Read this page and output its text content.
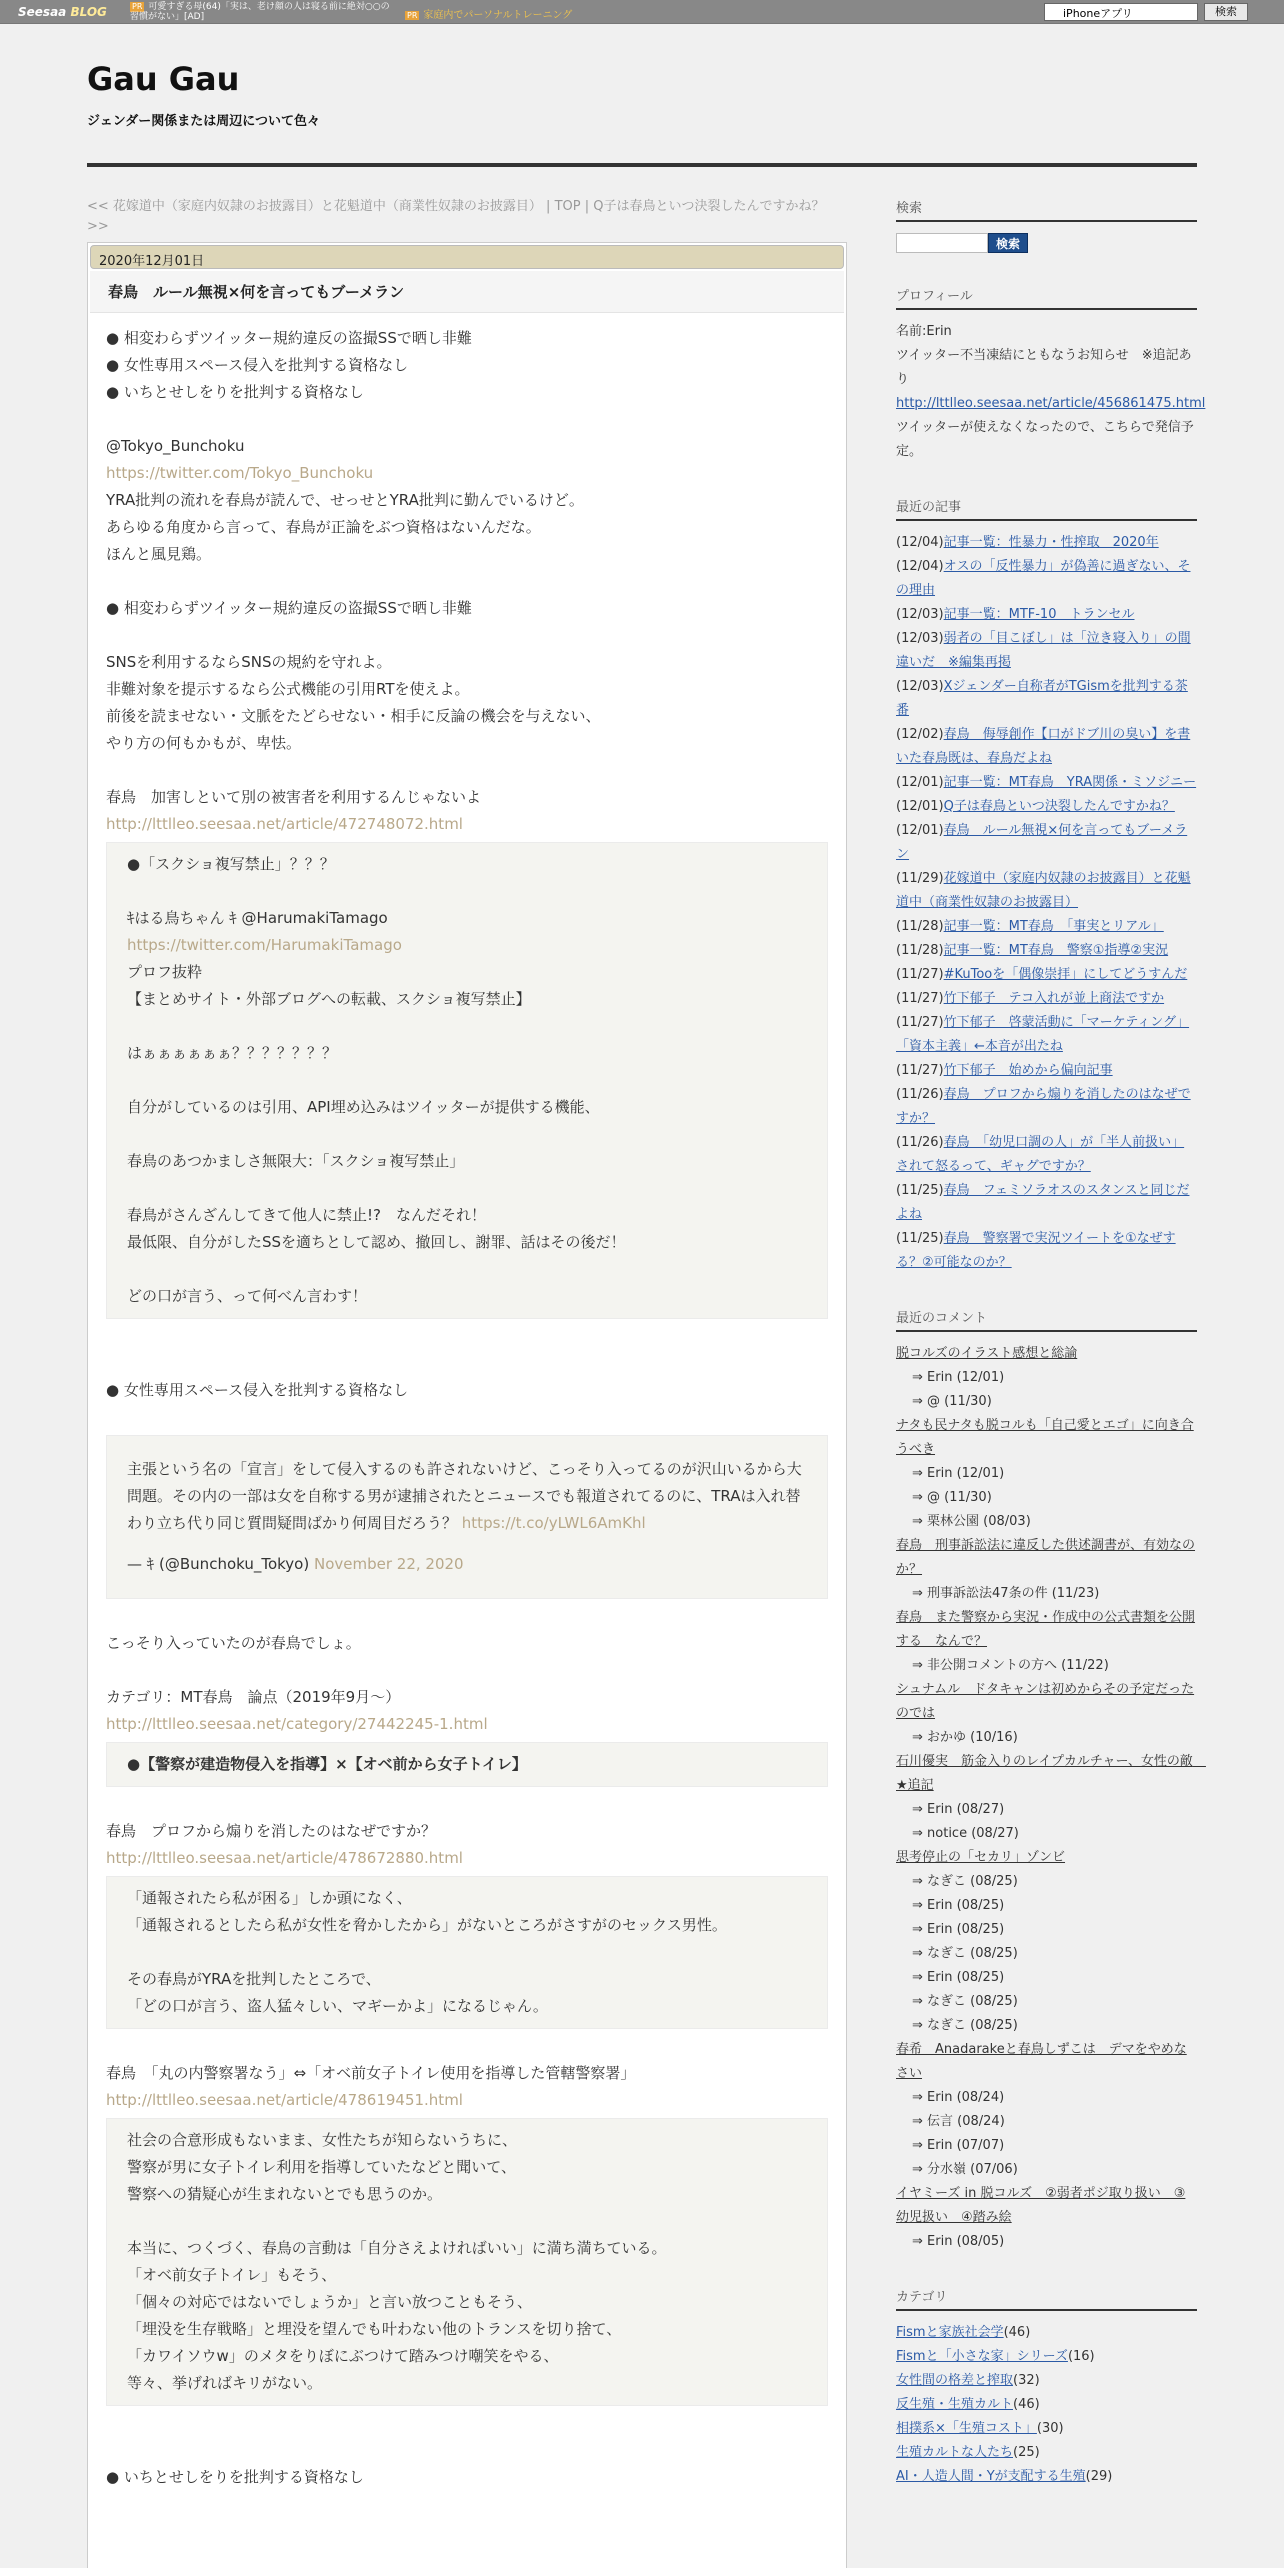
Seesaa BLOG	PR 可愛すぎる母(64)「実は、老け顔の人は寝る前に絶対○○の習慣がない」[AD]	PR 家庭内でパーソナルトレーニング	iPhoneアプリ	検索
Gau Gau
ジェンダー関係または周辺について色々
<< 花嫁道中（家庭内奴隷のお披露目）と花魁道中（商業性奴隷のお披露目） | TOP | Q子は春鳥といつ決裂したんですかね？ >>
2020年12月01日
春鳥　ルール無視×何を言ってもブーメラン
● 相変わらずツイッター規約違反の盗撮SSで晒し非難
● 女性専用スペース侵入を批判する資格なし
● いちとせしをりを批判する資格なし
@Tokyo_Bunchoku
https://twitter.com/Tokyo_Bunchoku
YRA批判の流れを春鳥が読んで、せっせとYRA批判に勤んでいるけど。
あらゆる角度から言って、春鳥が正論をぶつ資格はないんだな。
ほんと風見鶏。
● 相変わらずツイッター規約違反の盗撮SSで晒し非難
SNSを利用するならSNSの規約を守れよ。
非難対象を提示するなら公式機能の引用RTを使えよ。
前後を読ませない・文脈をたどらせない・相手に反論の機会を与えない、
やり方の何もかもが、卑怯。
春鳥　加害しといて別の被害者を利用するんじゃないよ
http://lttlleo.seesaa.net/article/472748072.html
●「スクショ複写禁止」？？？
ｷはる鳥ちゃん ｷ @HarumakiTamago
https://twitter.com/HarumakiTamago
プロフ抜粋
【まとめサイト・外部ブログへの転載、スクショ複写禁止】
はぁぁぁぁぁぁ？？？？？？？
自分がしているのは引用、API埋め込みはツイッターが提供する機能、
春鳥のあつかましさ無限大：「スクショ複写禁止」
春鳥がさんざんしてきて他人に禁止!?　なんだそれ！
最低限、自分がしたSSを適ちとして認め、撤回し、謝罪、話はその後だ！
どの口が言う、って何べん言わす！
● 女性専用スペース侵入を批判する資格なし
主張という名の「宣言」をして侵入するのも許されないけど、こっそり入ってるのが沢山いるから大問題。その内の一部は女を自称する男が逮捕されたとニュースでも報道されてるのに、TRAは入れ替わり立ち代り同じ質問疑問ばかり何周目だろう？ https://t.co/yLWL6AmKhl
— ｷ (@Bunchoku_Tokyo) November 22, 2020
こっそり入っていたのが春鳥でしょ。
カテゴリ：MT春鳥　論点（2019年9月～）
http://lttlleo.seesaa.net/category/27442245-1.html
●【警察が建造物侵入を指導】×【オベ前から女子トイレ】
春鳥　プロフから煽りを消したのはなぜですか？
http://lttlleo.seesaa.net/article/478672880.html
「通報されたら私が困る」しか頭になく、
「通報されるとしたら私が女性を脅かしたから」がないところがさすがのセックス男性。
その春鳥がYRAを批判したところで、
「どの口が言う、盗人猛々しい、マギーかよ」になるじゃん。
春鳥　「丸の内警察署なう」⇔「オベ前女子トイレ使用を指導した管轄警察署」
http://lttlleo.seesaa.net/article/478619451.html
社会の合意形成もないまま、女性たちが知らないうちに、
警察が男に女子トイレ利用を指導していたなどと聞いて、
警察への猜疑心が生まれないとでも思うのか。
本当に、つくづく、春鳥の言動は「自分さえよければいい」に満ち満ちている。
「オベ前女子トイレ」もそう、
「個々の対応ではないでしょうか」と言い放つこともそう、
「埋没を生存戦略」と埋没を望んでも叶わない他のトランスを切り捨て、
「カワイソウw」のメタをりぼにぶつけて踏みつけ嘲笑をやる、
等々、挙げればキリがない。
● いちとせしをりを批判する資格なし
検索
検索
プロフィール
名前:Erin
ツイッター不当凍結にともなうお知らせ　※追記あり
http://lttlleo.seesaa.net/article/456861475.html
ツイッターが使えなくなったので、こちらで発信予定。
最近の記事
(12/04)記事一覧：性暴力・性搾取　2020年
(12/04)オスの「反性暴力」が偽善に過ぎない、その理由
(12/03)記事一覧：MTF-10　トランセル
(12/03)弱者の「目こぼし」は「泣き寝入り」の間違いだ　※編集再掲
(12/03)Xジェンダー自称者がTGismを批判する茶番
(12/02)春鳥　侮辱創作【口がドブ川の臭い】を書いた春鳥既は、春鳥だよね
(12/01)記事一覧：MT春鳥　YRA関係・ミソジニー
(12/01)Q子は春鳥といつ決裂したんですかね？
(12/01)春鳥　ルール無視×何を言ってもブーメラン
(11/29)花嫁道中（家庭内奴隷のお披露目）と花魁道中（商業性奴隷のお披露目）
(11/28)記事一覧：MT春鳥　「事実とリアル」
(11/28)記事一覧：MT春鳥　警察①指導②実況
(11/27)#KuTooを「偶像崇拝」にしてどうすんだ
(11/27)竹下郁子　テコ入れが並上商法ですか
(11/27)竹下郁子　啓蒙活動に「マーケティング」「資本主義」←本音が出たね
(11/27)竹下郁子　始めから偏向記事
(11/26)春鳥　プロフから煽りを消したのはなぜですか？
(11/26)春鳥　「幼児口調の人」が「半人前扱い」されて怒るって、ギャグですか？
(11/25)春鳥　フェミソラオスのスタンスと同じだよね
(11/25)春鳥　警察署で実況ツイートを①なぜする？②可能なのか？
最近のコメント
脱コルズのイラスト感想と総論
⇒ Erin (12/01)
⇒ @ (11/30)
ナタも民ナタも脱コルも「自己愛とエゴ」に向き合うべき
⇒ Erin (12/01)
⇒ @ (11/30)
⇒ 栗林公園 (08/03)
春鳥　刑事訴訟法に違反した供述調書が、有効なのか？
⇒ 刑事訴訟法47条の件 (11/23)
春鳥　また警察から実況・作成中の公式書類を公開する　なんで？
⇒ 非公開コメントの方へ (11/22)
シュナムル　ドタキャンは初めからその予定だったのでは
⇒ おかゆ (10/16)
石川優実　筋金入りのレイプカルチャー、女性の敵　★追記
⇒ Erin (08/27)
⇒ notice (08/27)
思考停止の「セカリ」ゾンビ
⇒ なぎこ (08/25)
⇒ Erin (08/25)
⇒ Erin (08/25)
⇒ なぎこ (08/25)
⇒ Erin (08/25)
⇒ なぎこ (08/25)
⇒ なぎこ (08/25)
春希　Anadarakeと春鳥しずこは　デマをやめなさい
⇒ Erin (08/24)
⇒ 伝言 (08/24)
⇒ Erin (07/07)
⇒ 分水嶺 (07/06)
イヤミーズ in 脱コルズ　②弱者ポジ取り扱い　③幼児扱い　④踏み絵
⇒ Erin (08/05)
カテゴリ
Fismと家族社会学(46)
Fismと「小さな家」シリーズ(16)
女性間の格差と搾取(32)
反生殖・生殖カルト(46)
相撲系×「生殖コスト」(30)
生殖カルトな人たち(25)
AI・人造人間・Yが支配する生殖(29)
